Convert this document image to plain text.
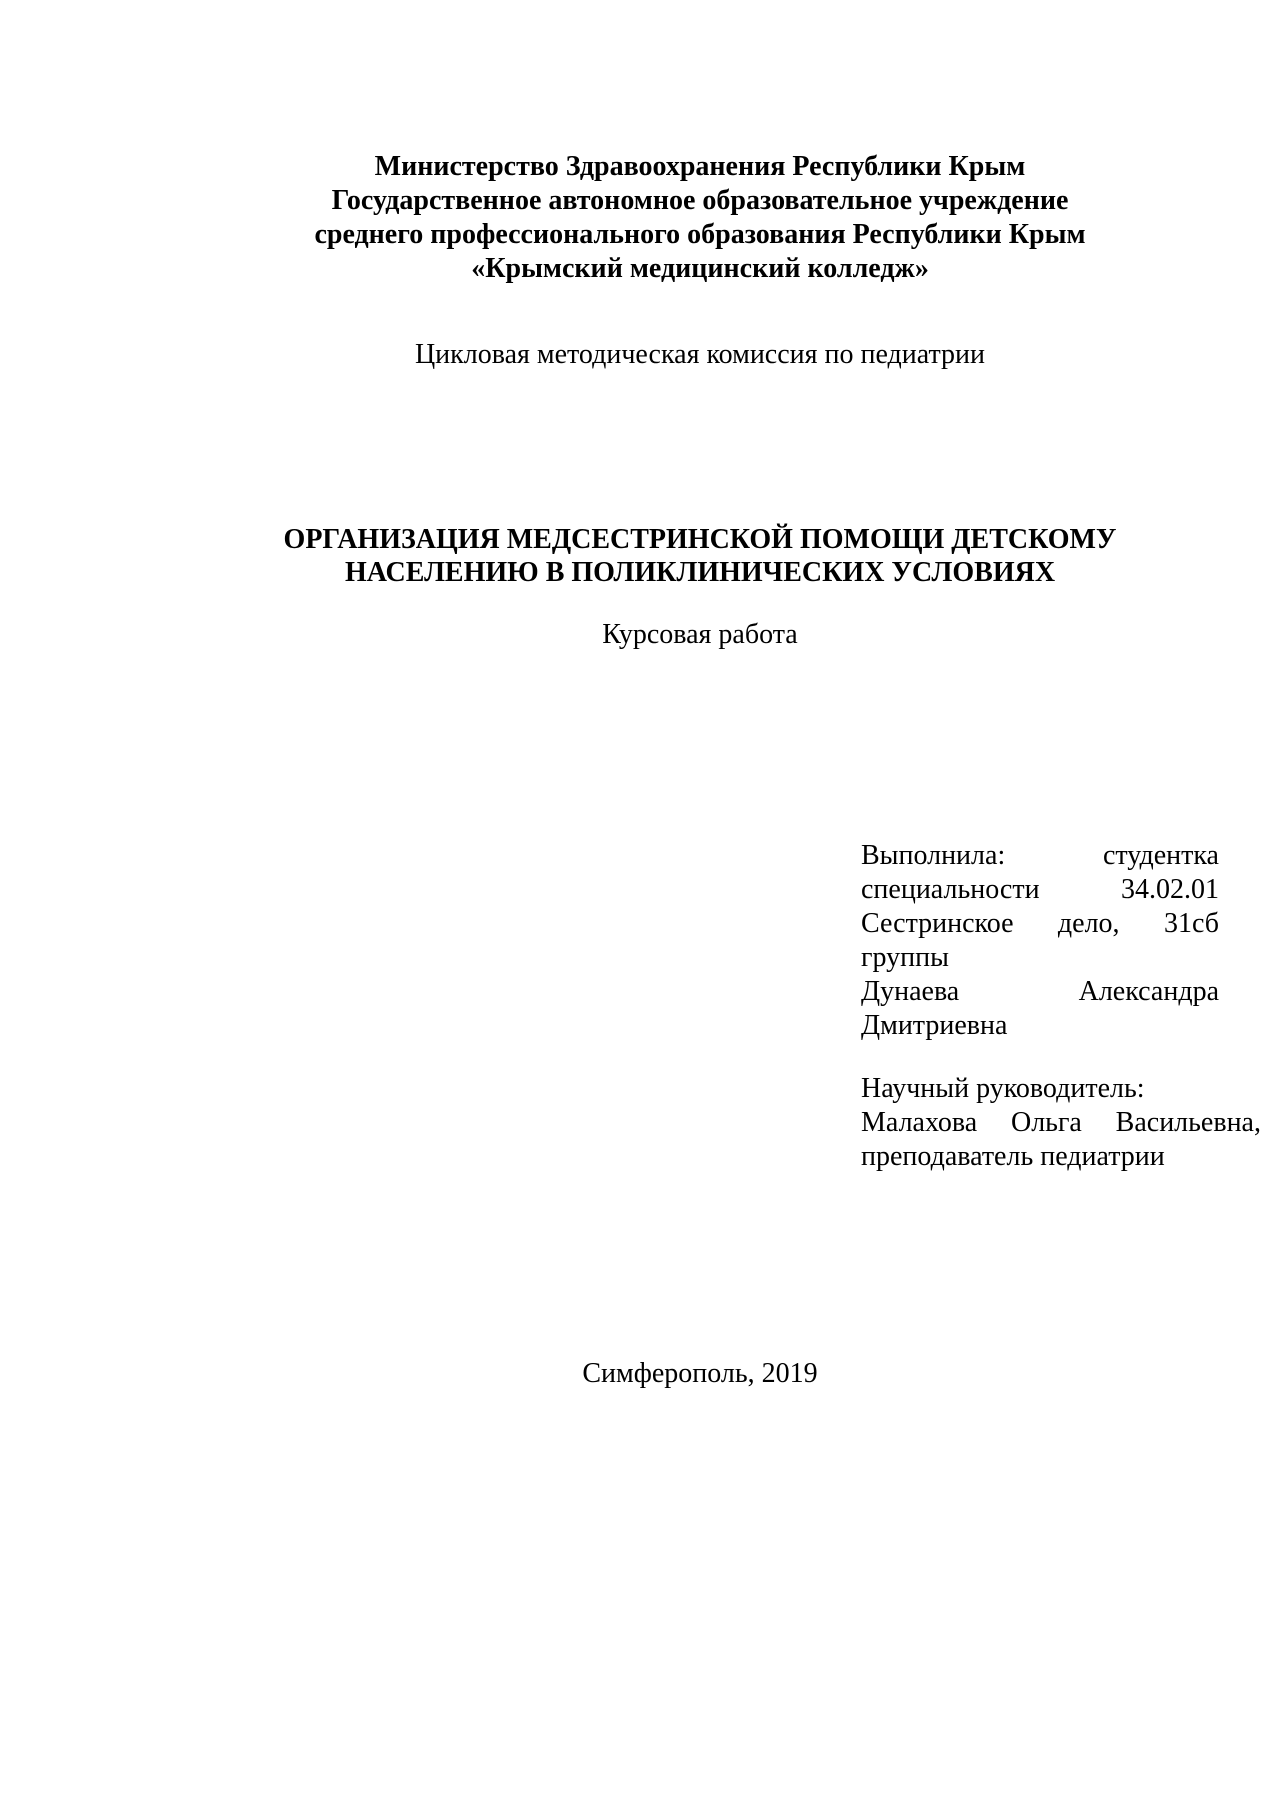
Министерство Здравоохранения Республики Крым
Государственное автономное образовательное учреждение
среднего профессионального образования Республики Крым
«Крымский медицинский колледж»
Цикловая методическая комиссия по педиатрии
ОРГАНИЗАЦИЯ МЕДСЕСТРИНСКОЙ ПОМОЩИ ДЕТСКОМУ
НАСЕЛЕНИЮ В ПОЛИКЛИНИЧЕСКИХ УСЛОВИЯХ
Курсовая работа
Выполнила:	студентка
специальности	34.02.01
Сестринское дело, 31сб
группы
Дунаева	Александра
Дмитриевна
Научный руководитель:
Малахова Ольга Васильевна,
преподаватель педиатрии
Симферополь, 2019
